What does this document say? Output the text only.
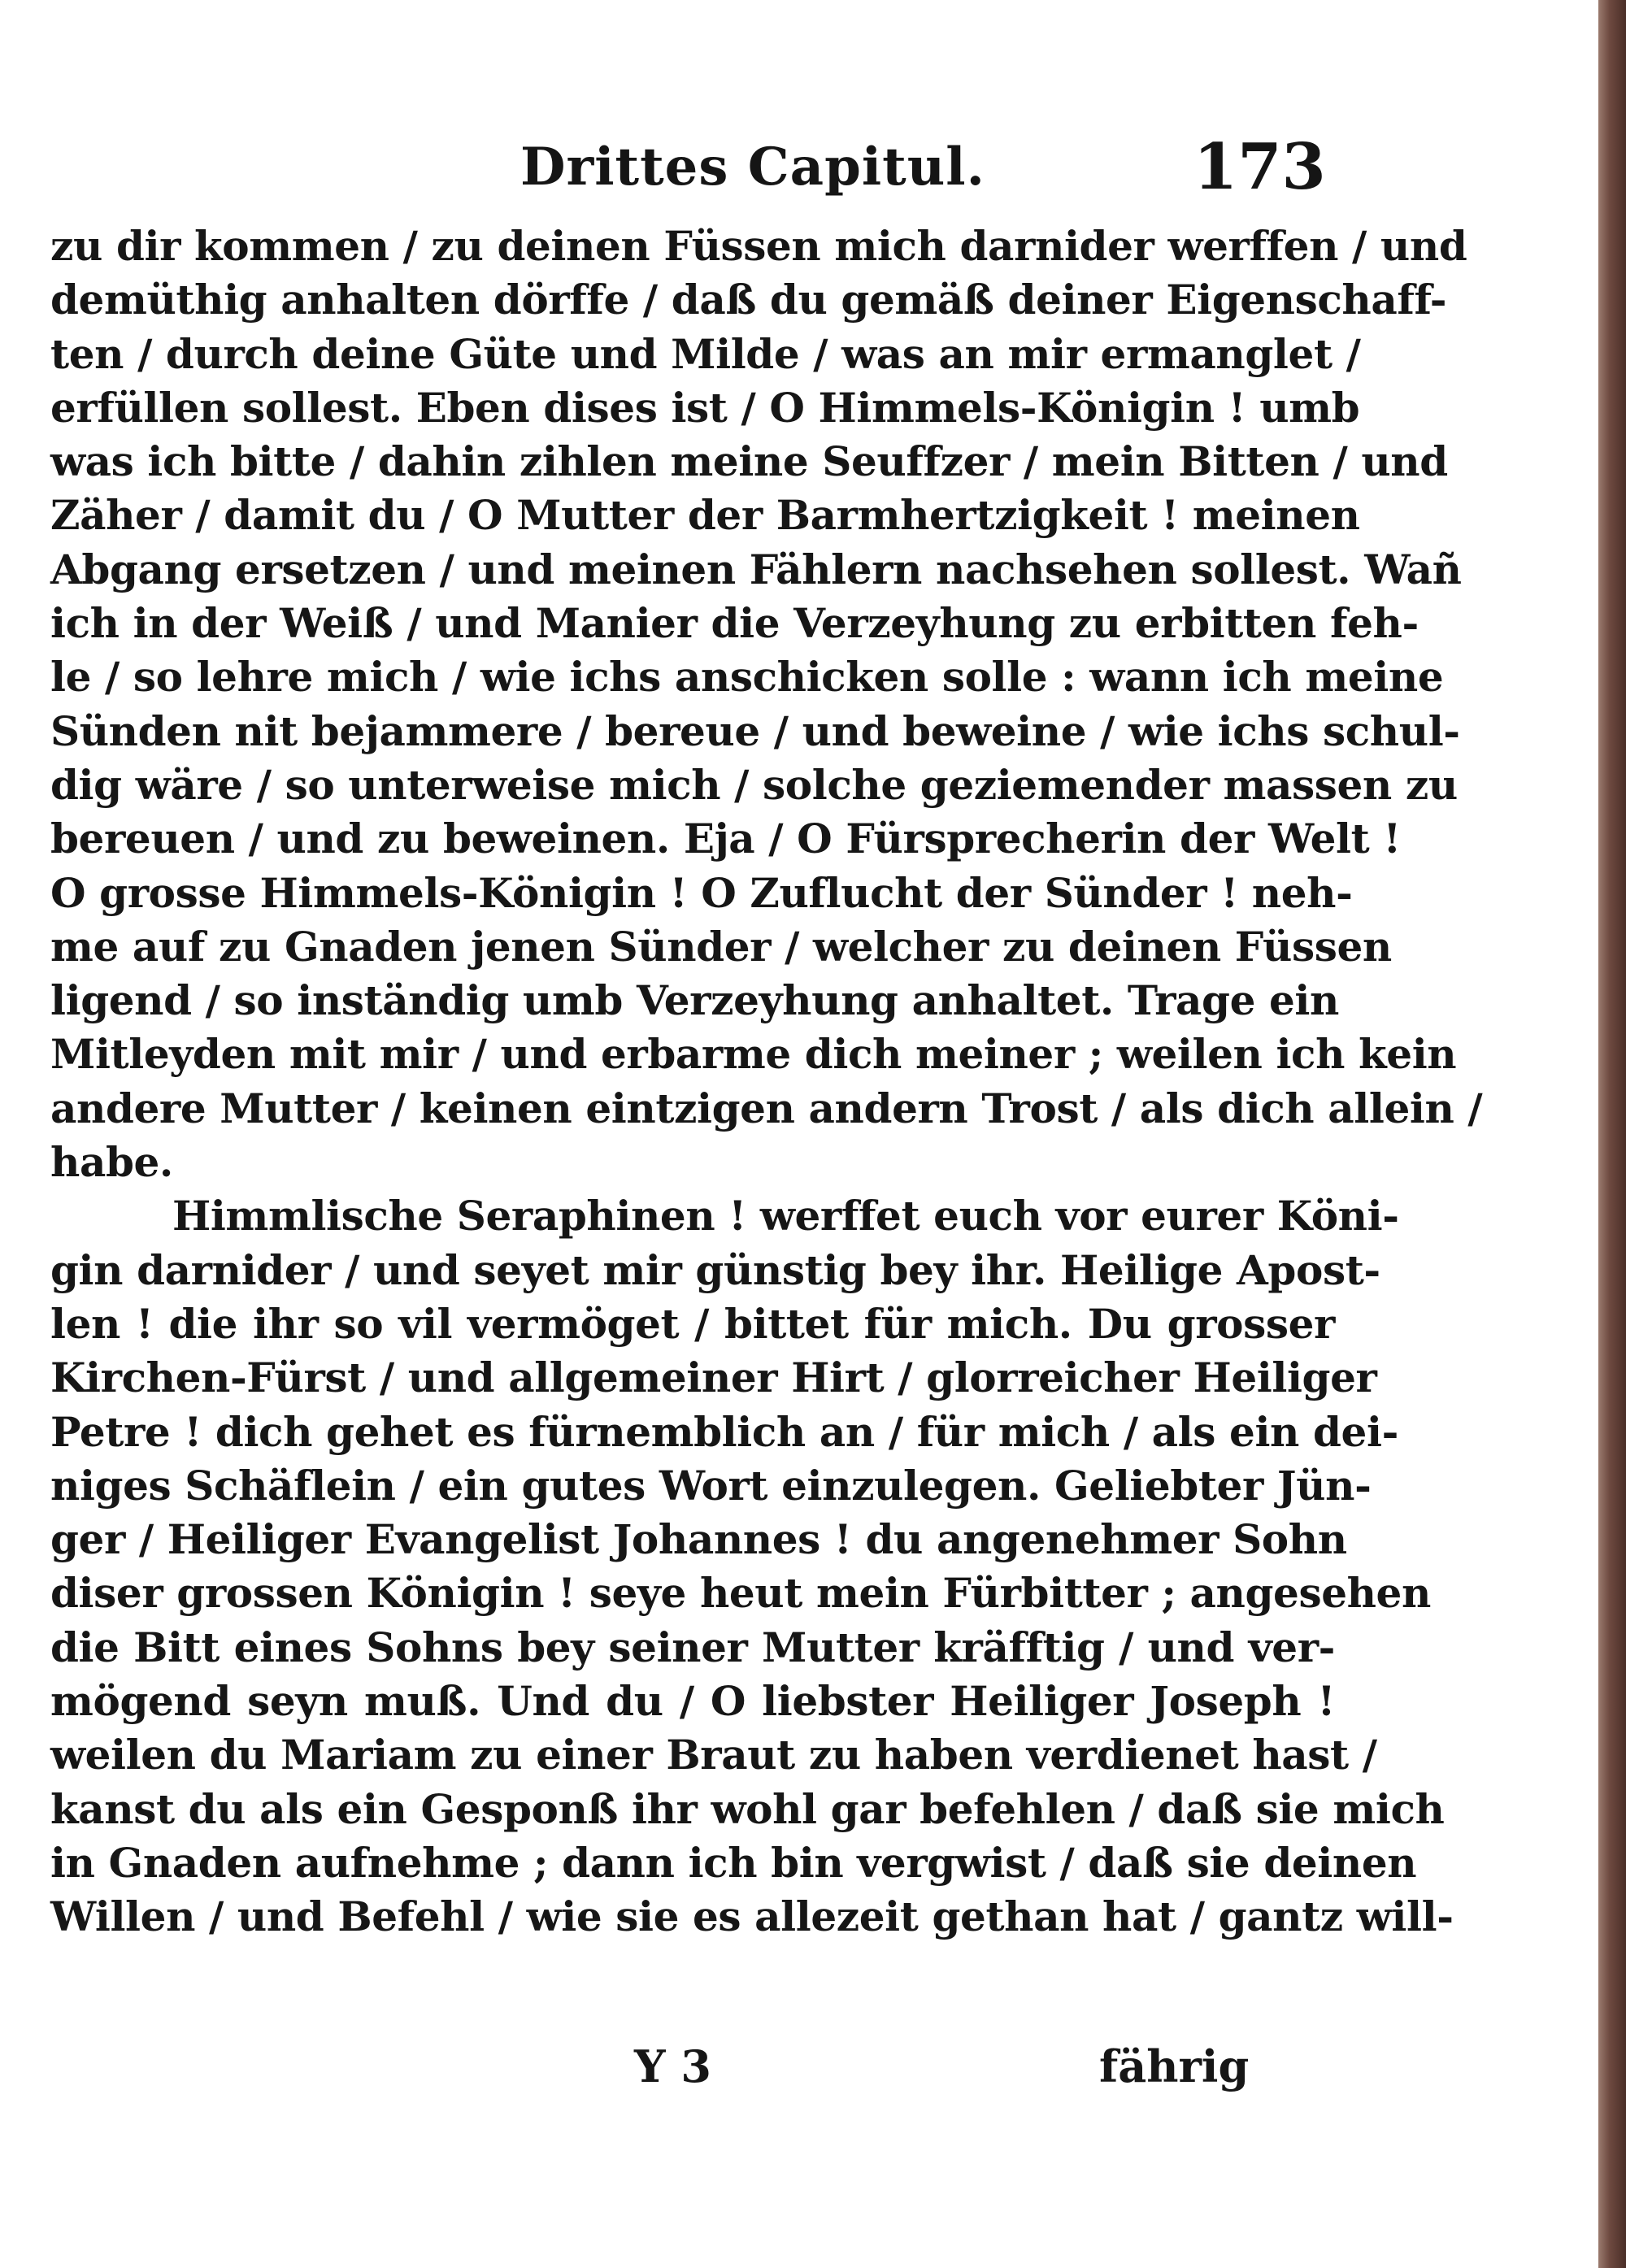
Drittes Capitul.	173
zu dir kommen / zu deinen Füssen mich darnider werffen / und
demüthig anhalten dörffe / daß du gemäß deiner Eigenschaff-
ten / durch deine Güte und Milde / was an mir ermanglet /
erfüllen sollest. Eben dises ist / O Himmels-Königin ! umb
was ich bitte / dahin zihlen meine Seuffzer / mein Bitten / und
Zäher / damit du / O Mutter der Barmhertzigkeit ! meinen
Abgang ersetzen / und meinen Fählern nachsehen sollest. Wañ
ich in der Weiß / und Manier die Verzeyhung zu erbitten feh-
le / so lehre mich / wie ichs anschicken solle : wann ich meine
Sünden nit bejammere / bereue / und beweine / wie ichs schul-
dig wäre / so unterweise mich / solche geziemender massen zu
bereuen / und zu beweinen. Eja / O Fürsprecherin der Welt !
O grosse Himmels-Königin ! O Zuflucht der Sünder ! neh-
me auf zu Gnaden jenen Sünder / welcher zu deinen Füssen
ligend / so inständig umb Verzeyhung anhaltet. Trage ein
Mitleyden mit mir / und erbarme dich meiner ; weilen ich kein
andere Mutter / keinen eintzigen andern Trost / als dich allein /
habe.
Himmlische Seraphinen ! werffet euch vor eurer Köni-
gin darnider / und seyet mir günstig bey ihr. Heilige Apost-
len ! die ihr so vil vermöget / bittet für mich. Du grosser
Kirchen-Fürst / und allgemeiner Hirt / glorreicher Heiliger
Petre ! dich gehet es fürnemblich an / für mich / als ein dei-
niges Schäflein / ein gutes Wort einzulegen. Geliebter Jün-
ger / Heiliger Evangelist Johannes ! du angenehmer Sohn
diser grossen Königin ! seye heut mein Fürbitter ; angesehen
die Bitt eines Sohns bey seiner Mutter kräfftig / und ver-
mögend seyn muß. Und du / O liebster Heiliger Joseph !
weilen du Mariam zu einer Braut zu haben verdienet hast /
kanst du als ein Gesponß ihr wohl gar befehlen / daß sie mich
in Gnaden aufnehme ; dann ich bin vergwist / daß sie deinen
Willen / und Befehl / wie sie es allezeit gethan hat / gantz will-
Y 3	fährig
